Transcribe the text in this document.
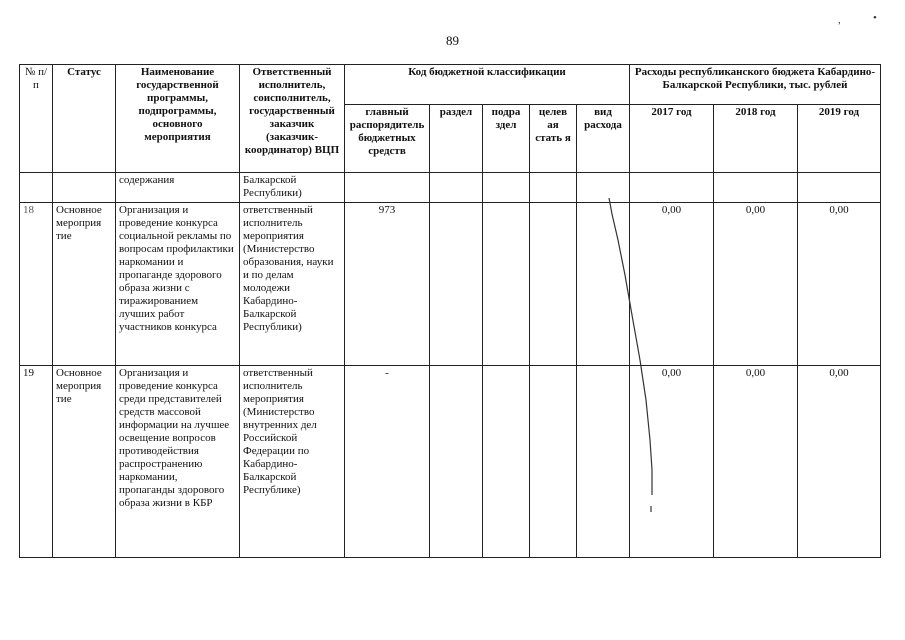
89
,	•
№ п/п	Статус	Наименование государственной программы, подпрограммы, основного мероприятия	Ответственный исполнитель, соисполнитель, государственный заказчик (заказчик-координатор) ВЦП	Код бюджетной классификации					Расходы республиканского бюджета Кабардино-Балкарской Республики, тыс. рублей		
				главный распорядитель бюджетных средств	раздел	подра здел	целев ая стать я	вид расхода	2017 год	2018 год	2019 год
		содержания	Балкарской Республики)								
18	Основное мероприя тие	Организация и проведение конкурса социальной рекламы по вопросам профилактики наркомании и пропаганде здорового образа жизни с тиражированием лучших работ участников конкурса	ответственный исполнитель мероприятия (Министерство образования, науки и по делам молодежи Кабардино-Балкарской Республики)	973					0,00	0,00	0,00
19	Основное мероприя тие	Организация и проведение конкурса среди представителей средств массовой информации на лучшее освещение вопросов противодействия распространению наркомании, пропаганды здорового образа жизни в КБР	ответственный исполнитель мероприятия (Министерство внутренних дел Российской Федерации по Кабардино-Балкарской Республике)	-					0,00	0,00	0,00
